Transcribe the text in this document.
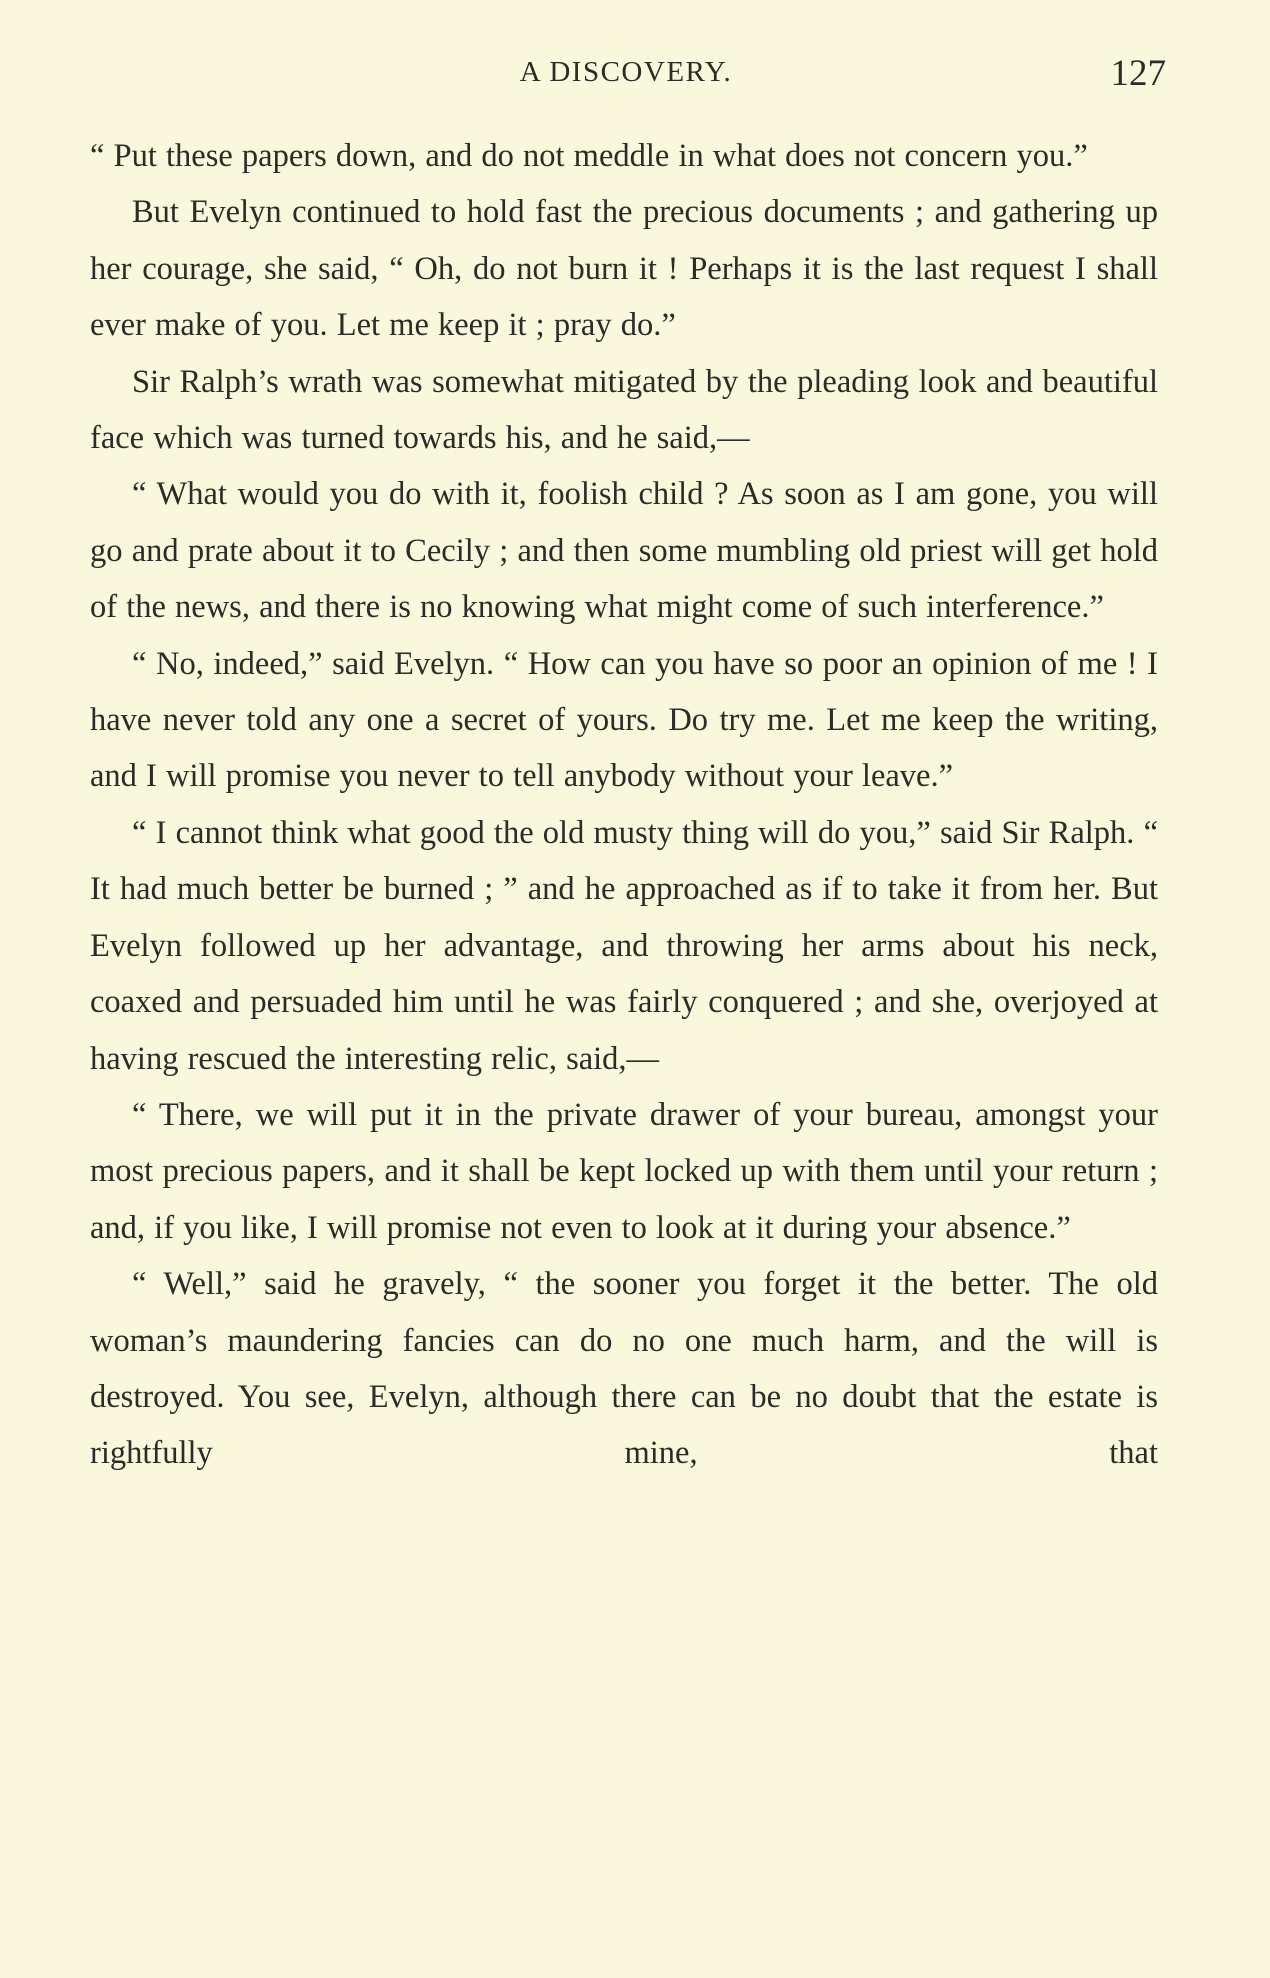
A DISCOVERY.	127

“ Put these papers down, and do not meddle in what does not concern you.”

But Evelyn continued to hold fast the precious documents ; and gathering up her courage, she said, “ Oh, do not burn it ! Perhaps it is the last request I shall ever make of you. Let me keep it ; pray do.”

Sir Ralph’s wrath was somewhat mitigated by the pleading look and beautiful face which was turned towards his, and he said,—

“ What would you do with it, foolish child ? As soon as I am gone, you will go and prate about it to Cecily ; and then some mumbling old priest will get hold of the news, and there is no knowing what might come of such interference.”

“ No, indeed,” said Evelyn. “ How can you have so poor an opinion of me ! I have never told any one a secret of yours. Do try me. Let me keep the writing, and I will promise you never to tell anybody without your leave.”

“ I cannot think what good the old musty thing will do you,” said Sir Ralph. “ It had much better be burned ; ” and he approached as if to take it from her. But Evelyn followed up her advantage, and throwing her arms about his neck, coaxed and persuaded him until he was fairly conquered ; and she, overjoyed at having rescued the interesting relic, said,—

“ There, we will put it in the private drawer of your bureau, amongst your most precious papers, and it shall be kept locked up with them until your return ; and, if you like, I will promise not even to look at it during your absence.”

“ Well,” said he gravely, “ the sooner you forget it the better. The old woman’s maundering fancies can do no one much harm, and the will is destroyed. You see, Evelyn, although there can be no doubt that the estate is rightfully mine, that
